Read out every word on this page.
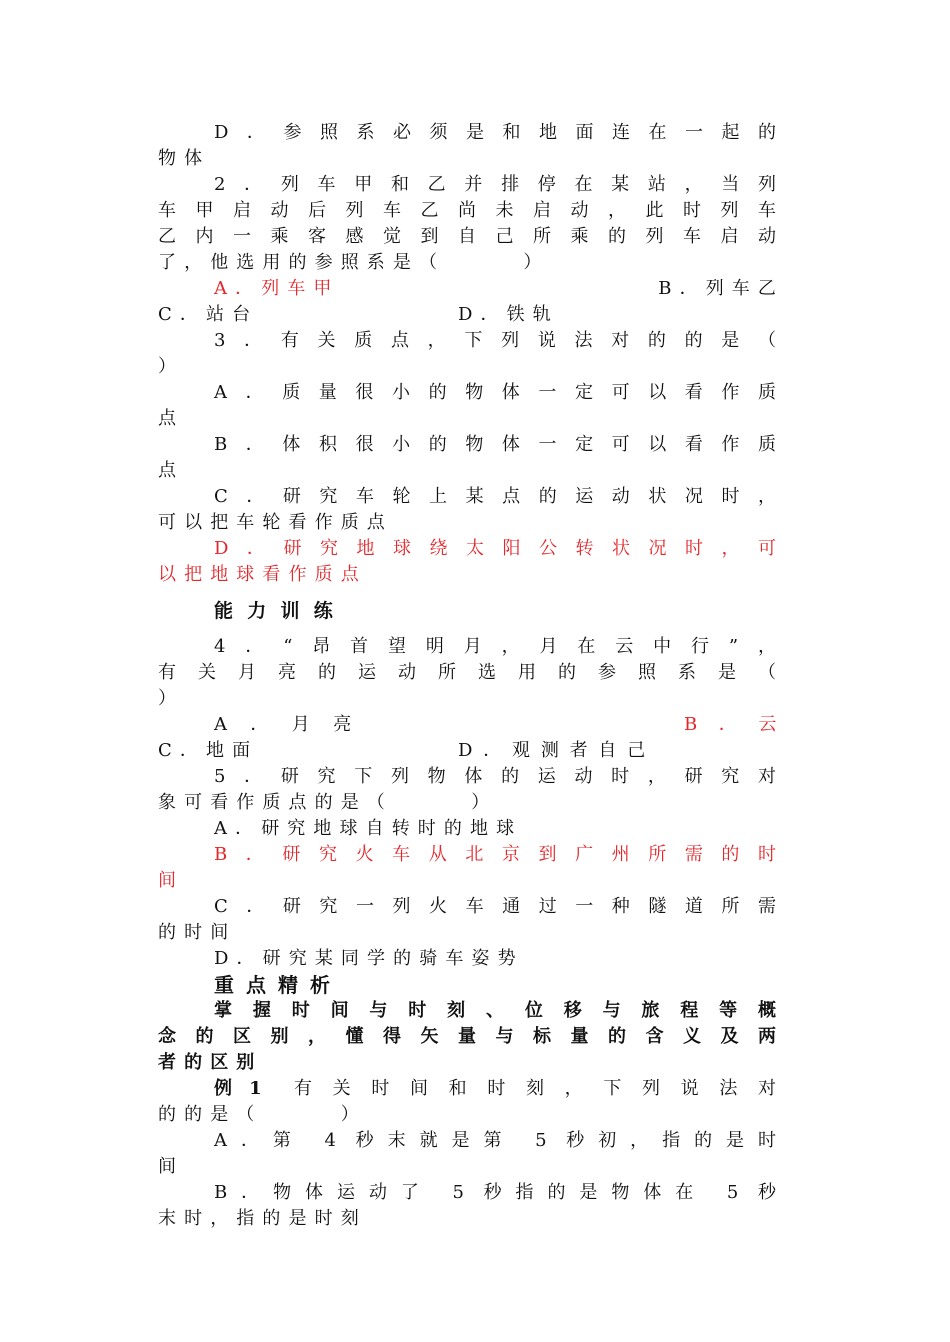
D．参照系必须是和地面连在一起的
物体
2．列车甲和乙并排停在某站，当列
车甲启动后列车乙尚未启动，此时列车
乙内一乘客感觉到自己所乘的列车启动
了，他选用的参照系是（　　　）
A．列车甲	B．列车乙
C．站台	D．铁轨
3．有关质点，下列说法对的的是（
）
A．质量很小的物体一定可以看作质
点
B．体积很小的物体一定可以看作质
点
C．研究车轮上某点的运动状况时，
可以把车轮看作质点
D．研究地球绕太阳公转状况时，可
以把地球看作质点
能力训练
4．“昂首望明月，月在云中行”，
有关月亮的运动所选用的参照系是（
）
A．月亮	B．云
C．地面	D．观测者自己
5．研究下列物体的运动时，研究对
象可看作质点的是（　　　）
A．研究地球自转时的地球
B．研究火车从北京到广州所需的时
间
C．研究一列火车通过一种隧道所需
的时间
D．研究某同学的骑车姿势
重点精析
掌握时间与时刻、位移与旅程等概
念的区别，懂得矢量与标量的含义及两
者的区别
例 1 有关时间和时刻，下列说法对
的的是（　　　）
A．第 4 秒末就是第 5 秒初，指的是时
间
B．物体运动了 5 秒指的是物体在 5 秒
末时，指的是时刻
